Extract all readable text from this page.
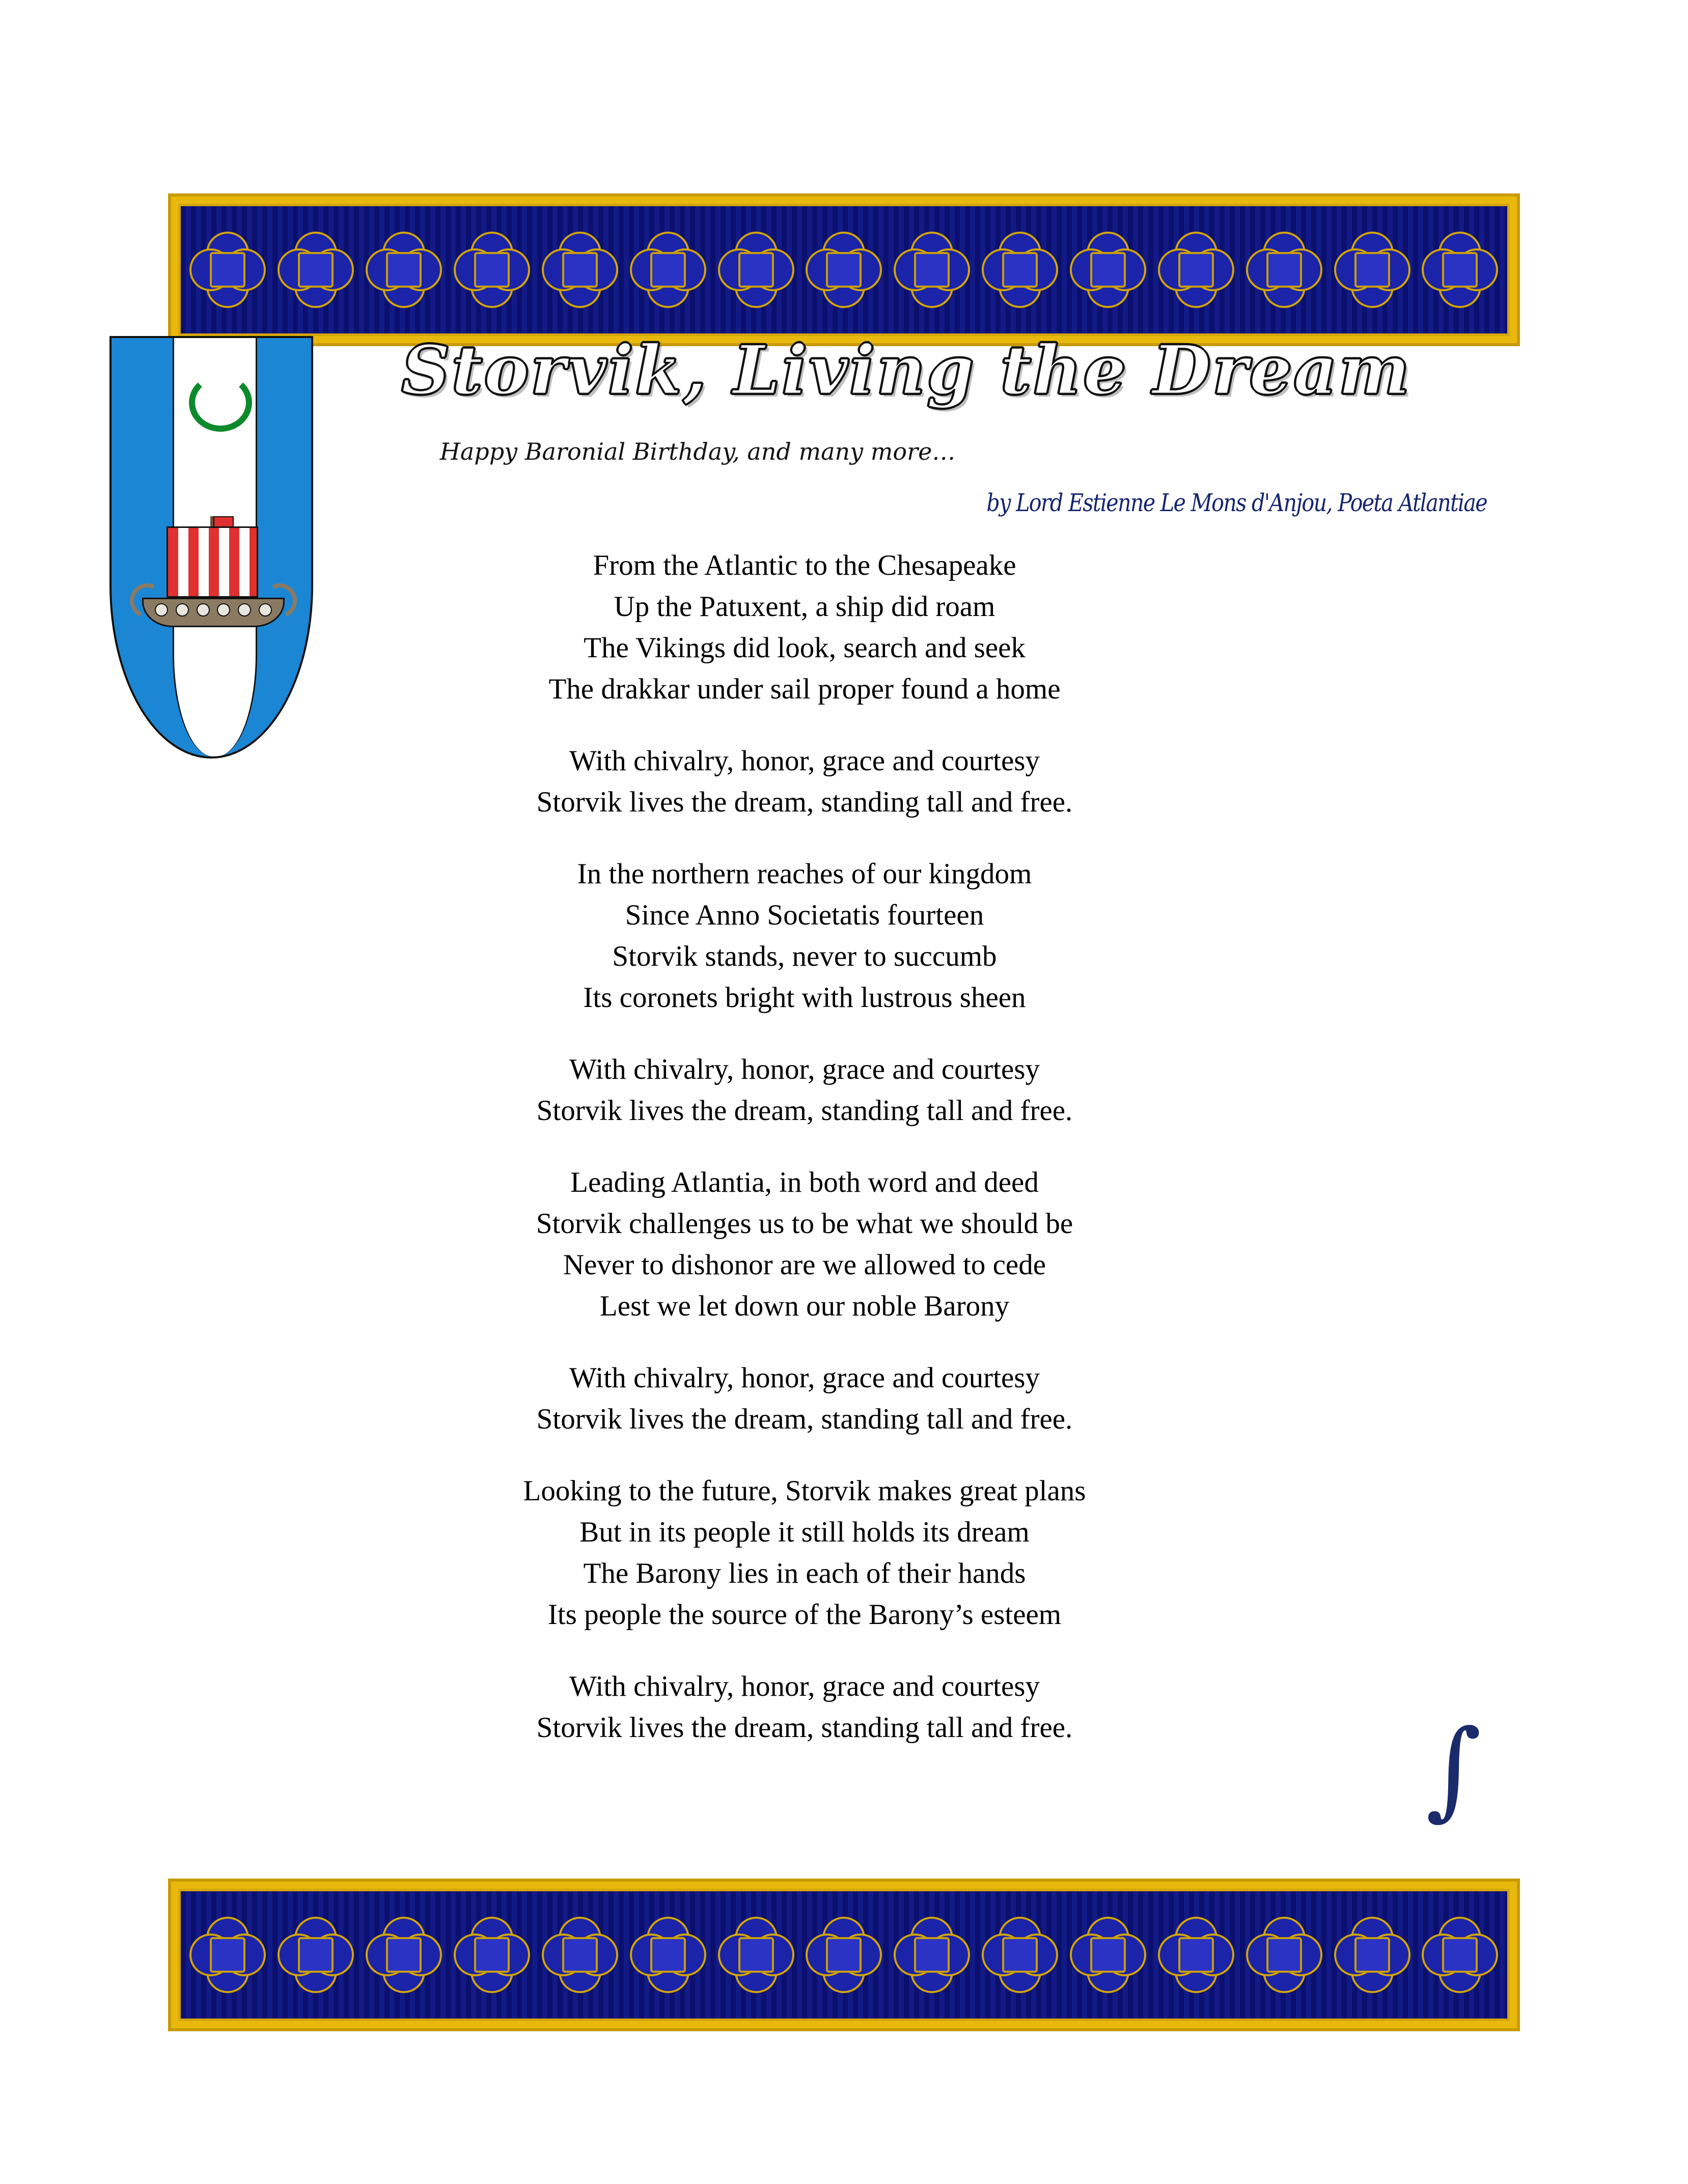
Storvik, Living the Dream
Happy Baronial Birthday, and many more…
by Lord Estienne Le Mons d'Anjou, Poeta Atlantiae
From the Atlantic to the Chesapeake
Up the Patuxent, a ship did roam
The Vikings did look, search and seek
The drakkar under sail proper found a home
With chivalry, honor, grace and courtesy
Storvik lives the dream, standing tall and free.
In the northern reaches of our kingdom
Since Anno Societatis fourteen
Storvik stands, never to succumb
Its coronets bright with lustrous sheen
With chivalry, honor, grace and courtesy
Storvik lives the dream, standing tall and free.
Leading Atlantia, in both word and deed
Storvik challenges us to be what we should be
Never to dishonor are we allowed to cede
Lest we let down our noble Barony
With chivalry, honor, grace and courtesy
Storvik lives the dream, standing tall and free.
Looking to the future, Storvik makes great plans
But in its people it still holds its dream
The Barony lies in each of their hands
Its people the source of the Barony’s esteem
With chivalry, honor, grace and courtesy
Storvik lives the dream, standing tall and free.	∫
